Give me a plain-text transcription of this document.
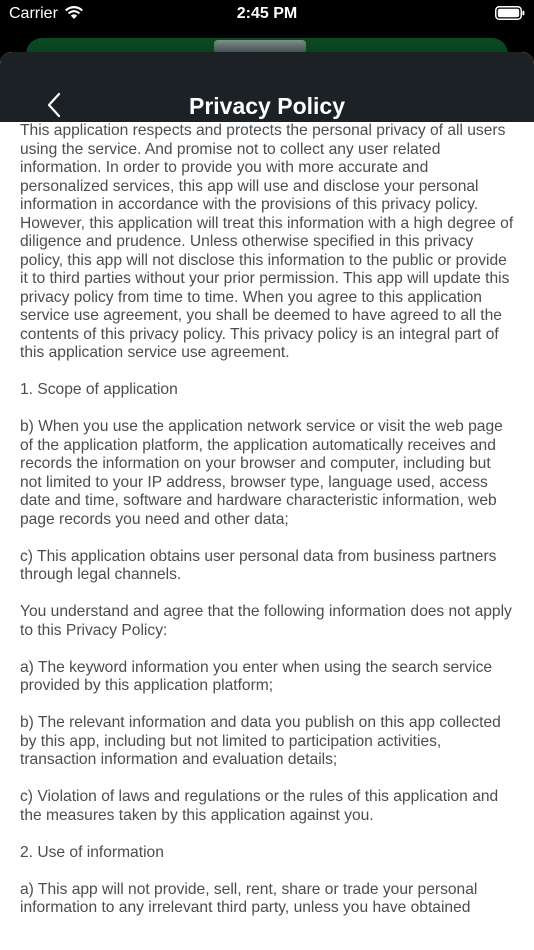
Carrier	2:45 PM
Privacy Policy

This application respects and protects the personal privacy of all users using the service. And promise not to collect any user related information. In order to provide you with more accurate and personalized services, this app will use and disclose your personal information in accordance with the provisions of this privacy policy. However, this application will treat this information with a high degree of diligence and prudence. Unless otherwise specified in this privacy policy, this app will not disclose this information to the public or provide it to third parties without your prior permission. This app will update this privacy policy from time to time. When you agree to this application service use agreement, you shall be deemed to have agreed to all the contents of this privacy policy. This privacy policy is an integral part of this application service use agreement.

1. Scope of application

b) When you use the application network service or visit the web page of the application platform, the application automatically receives and records the information on your browser and computer, including but not limited to your IP address, browser type, language used, access date and time, software and hardware characteristic information, web page records you need and other data;

c) This application obtains user personal data from business partners through legal channels.

You understand and agree that the following information does not apply to this Privacy Policy:

a) The keyword information you enter when using the search service provided by this application platform;

b) The relevant information and data you publish on this app collected by this app, including but not limited to participation activities, transaction information and evaluation details;

c) Violation of laws and regulations or the rules of this application and the measures taken by this application against you.

2. Use of information

a) This app will not provide, sell, rent, share or trade your personal information to any irrelevant third party, unless you have obtained
